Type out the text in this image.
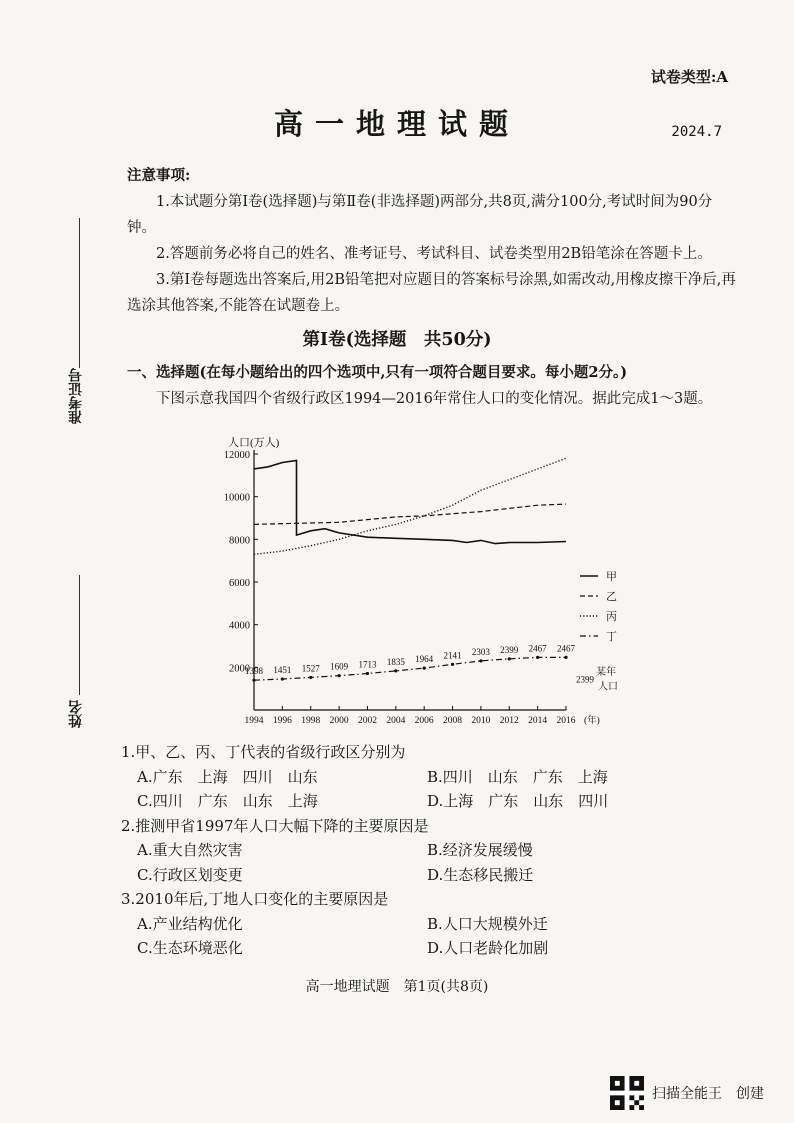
试卷类型:A
高一地理试题	2024.7
准考证号
姓名
注意事项:

1.本试题分第Ⅰ卷(选择题)与第Ⅱ卷(非选择题)两部分,共8页,满分100分,考试时间为90分钟。

2.答题前务必将自己的姓名、准考证号、考试科目、试卷类型用2B铅笔涂在答题卡上。

3.第Ⅰ卷每题选出答案后,用2B铅笔把对应题目的答案标号涂黑,如需改动,用橡皮擦干净后,再选涂其他答案,不能答在试题卷上。

第Ⅰ卷(选择题　共50分)

一、选择题(在每小题给出的四个选项中,只有一项符合题目要求。每小题2分。)

下图示意我国四个省级行政区1994—2016年常住人口的变化情况。据此完成1～3题。

人口(万人)
2000
4000
6000
8000
10000
12000
1994 1996 1998 2000 2002 2004 2006 2008 2010 2012 2014 2016 (年)
1398 1451 1527 1609 1713 1835 1964 2141 2303 2399 2467 2467
2399
某年
人口
甲
乙
丙
丁

1.甲、乙、丙、丁代表的省级行政区分别为

A.广东　上海　四川　山东	B.四川　山东　广东　上海
C.四川　广东　山东　上海	D.上海　广东　山东　四川

2.推测甲省1997年人口大幅下降的主要原因是

A.重大自然灾害	B.经济发展缓慢
C.行政区划变更	D.生态移民搬迁

3.2010年后,丁地人口变化的主要原因是

A.产业结构优化	B.人口大规模外迁
C.生态环境恶化	D.人口老龄化加剧
高一地理试题　第1页(共8页)
扫描全能王　创建
